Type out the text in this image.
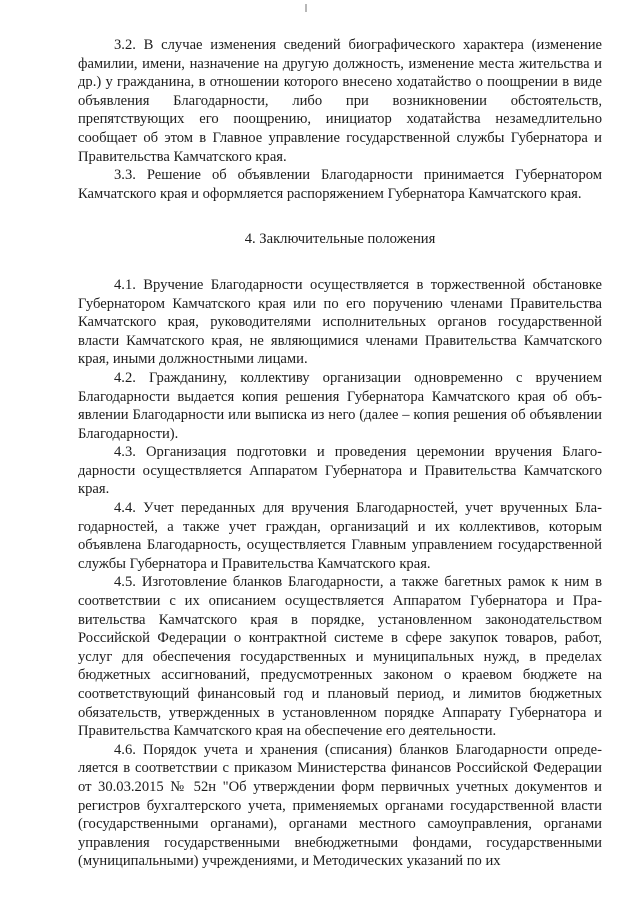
3.2. В случае изменения сведений биографического характера (изменение фамилии, имени, назначение на другую должность, изменение места жительства и др.) у гражданина, в отношении которого внесено ходатайство о поощрении в виде объявления Благодарности, либо при возникновении обстоятельств, препятствующих его поощрению, инициатор ходатайства незамедлительно сообщает об этом в Главное управление государственной службы Губернатора и Правительства Камчатского края.

3.3. Решение об объявлении Благодарности принимается Губернатором Камчатского края и оформляется распоряжением Губернатора Камчатского края.

4. Заключительные положения

4.1. Вручение Благодарности осуществляется в торжественной обстановке Губернатором Камчатского края или по его поручению членами Правительства Камчатского края, руководителями исполнительных органов государственной власти Камчатского края, не являющимися членами Правительства Камчатского края, иными должностными лицами.

4.2. Гражданину, коллективу организации одновременно с вручением Благодарности выдается копия решения Губернатора Камчатского края об объявлении Благодарности или выписка из него (далее – копия решения об объявлении Благодарности).

4.3. Организация подготовки и проведения церемонии вручения Благодарности осуществляется Аппаратом Губернатора и Правительства Камчатского края.

4.4. Учет переданных для вручения Благодарностей, учет врученных Благодарностей, а также учет граждан, организаций и их коллективов, которым объявлена Благодарность, осуществляется Главным управлением государственной службы Губернатора и Правительства Камчатского края.

4.5. Изготовление бланков Благодарности, а также багетных рамок к ним в соответствии с их описанием осуществляется Аппаратом Губернатора и Правительства Камчатского края в порядке, установленном законодательством Российской Федерации о контрактной системе в сфере закупок товаров, работ, услуг для обеспечения государственных и муниципальных нужд, в пределах бюджетных ассигнований, предусмотренных законом о краевом бюджете на соответствующий финансовый год и плановый период, и лимитов бюджетных обязательств, утвержденных в установленном порядке Аппарату Губернатора и Правительства Камчатского края на обеспечение его деятельности.

4.6. Порядок учета и хранения (списания) бланков Благодарности определяется в соответствии с приказом Министерства финансов Российской Федерации от 30.03.2015 № 52н "Об утверждении форм первичных учетных документов и регистров бухгалтерского учета, применяемых органами государственной власти (государственными органами), органами местного самоуправления, органами управления государственными внебюджетными фондами, государственными (муниципальными) учреждениями, и Методических указаний по их
